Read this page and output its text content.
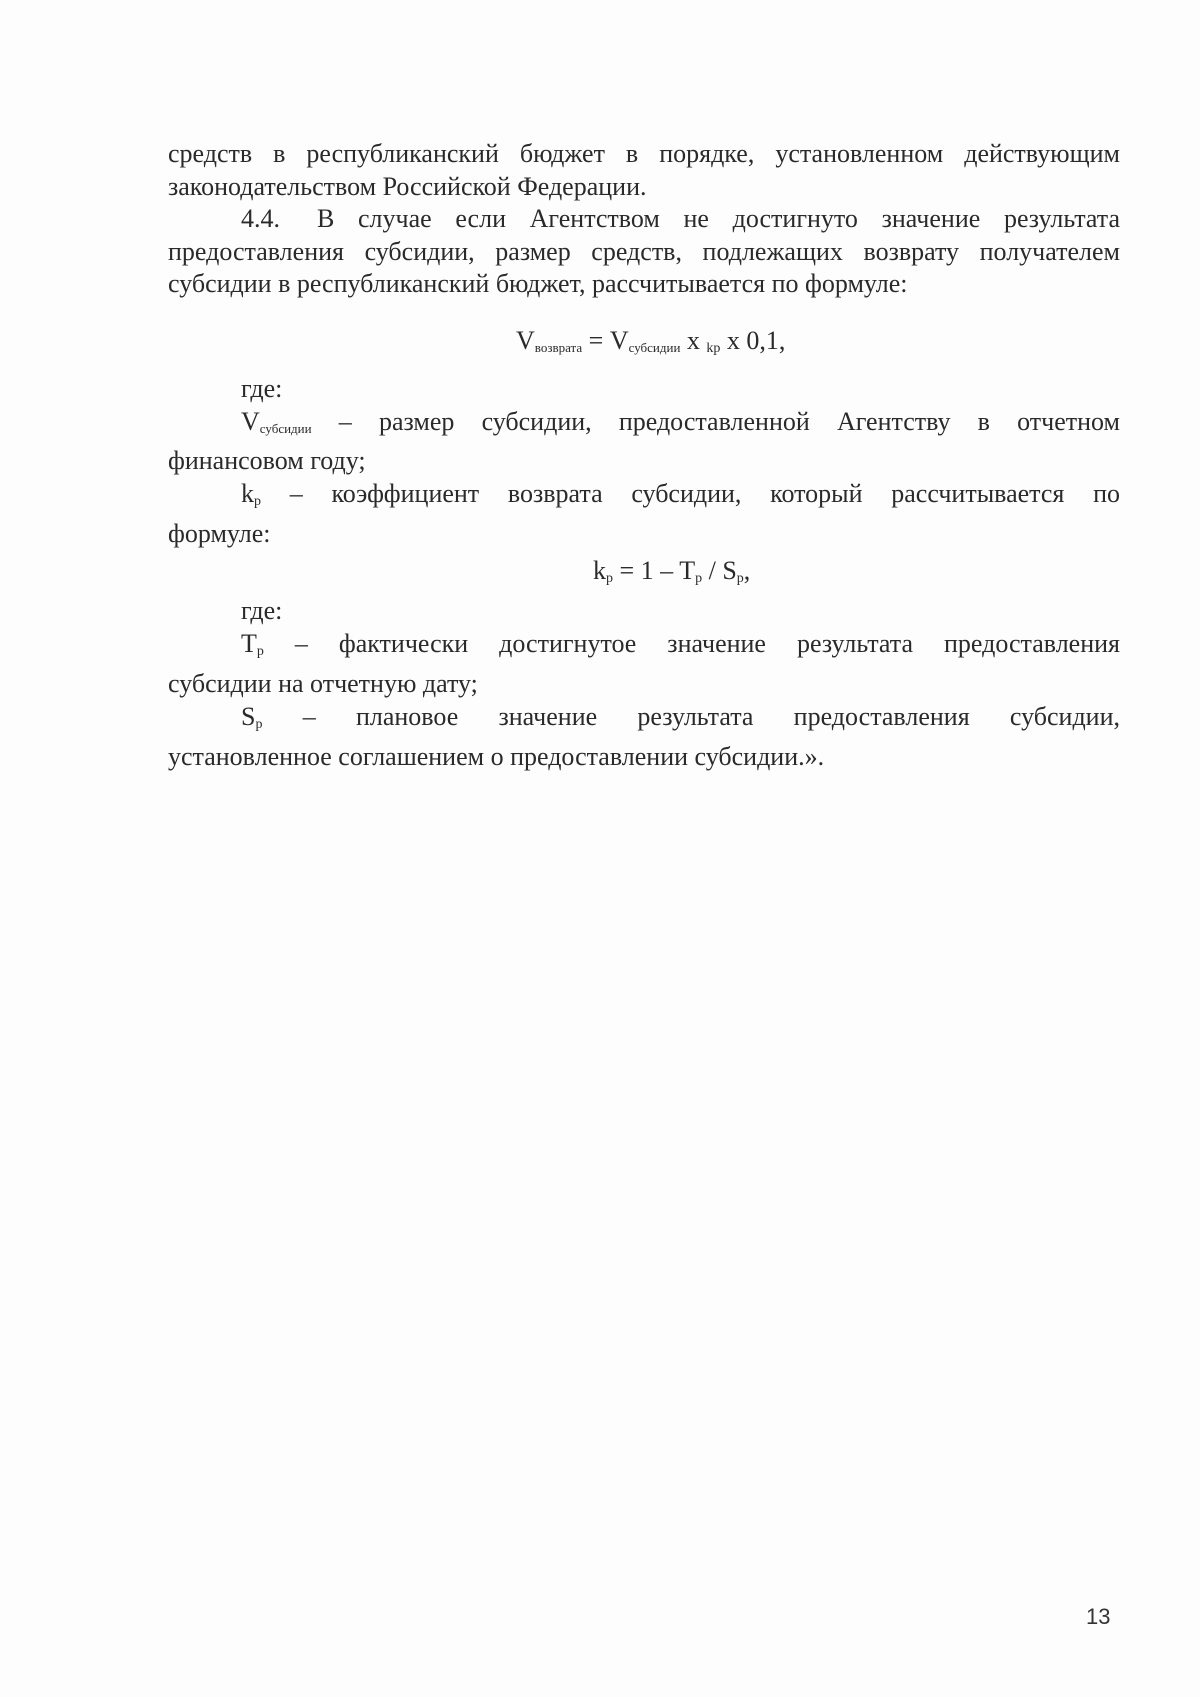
средств в республиканский бюджет в порядке, установленном действующим
законодательством Российской Федерации.
4.4. В случае если Агентством не достигнуто значение результата
предоставления субсидии, размер средств, подлежащих возврату получателем
субсидии в республиканский бюджет, рассчитывается по формуле:
$V_{возврата} = V_{субсидии}$ x $_{kp}$ x 0,1,
где:
$V_{субсидии}$ – размер субсидии, предоставленной Агентству в отчетном
финансовом году;
$k_p$ – коэффициент возврата субсидии, который рассчитывается по
формуле:
$k_p = 1 - T_p / S_p$,
где:
$T_p$ – фактически достигнутое значение результата предоставления
субсидии на отчетную дату;
$S_p$ – плановое значение результата предоставления субсидии,
установленное соглашением о предоставлении субсидии.».
13
